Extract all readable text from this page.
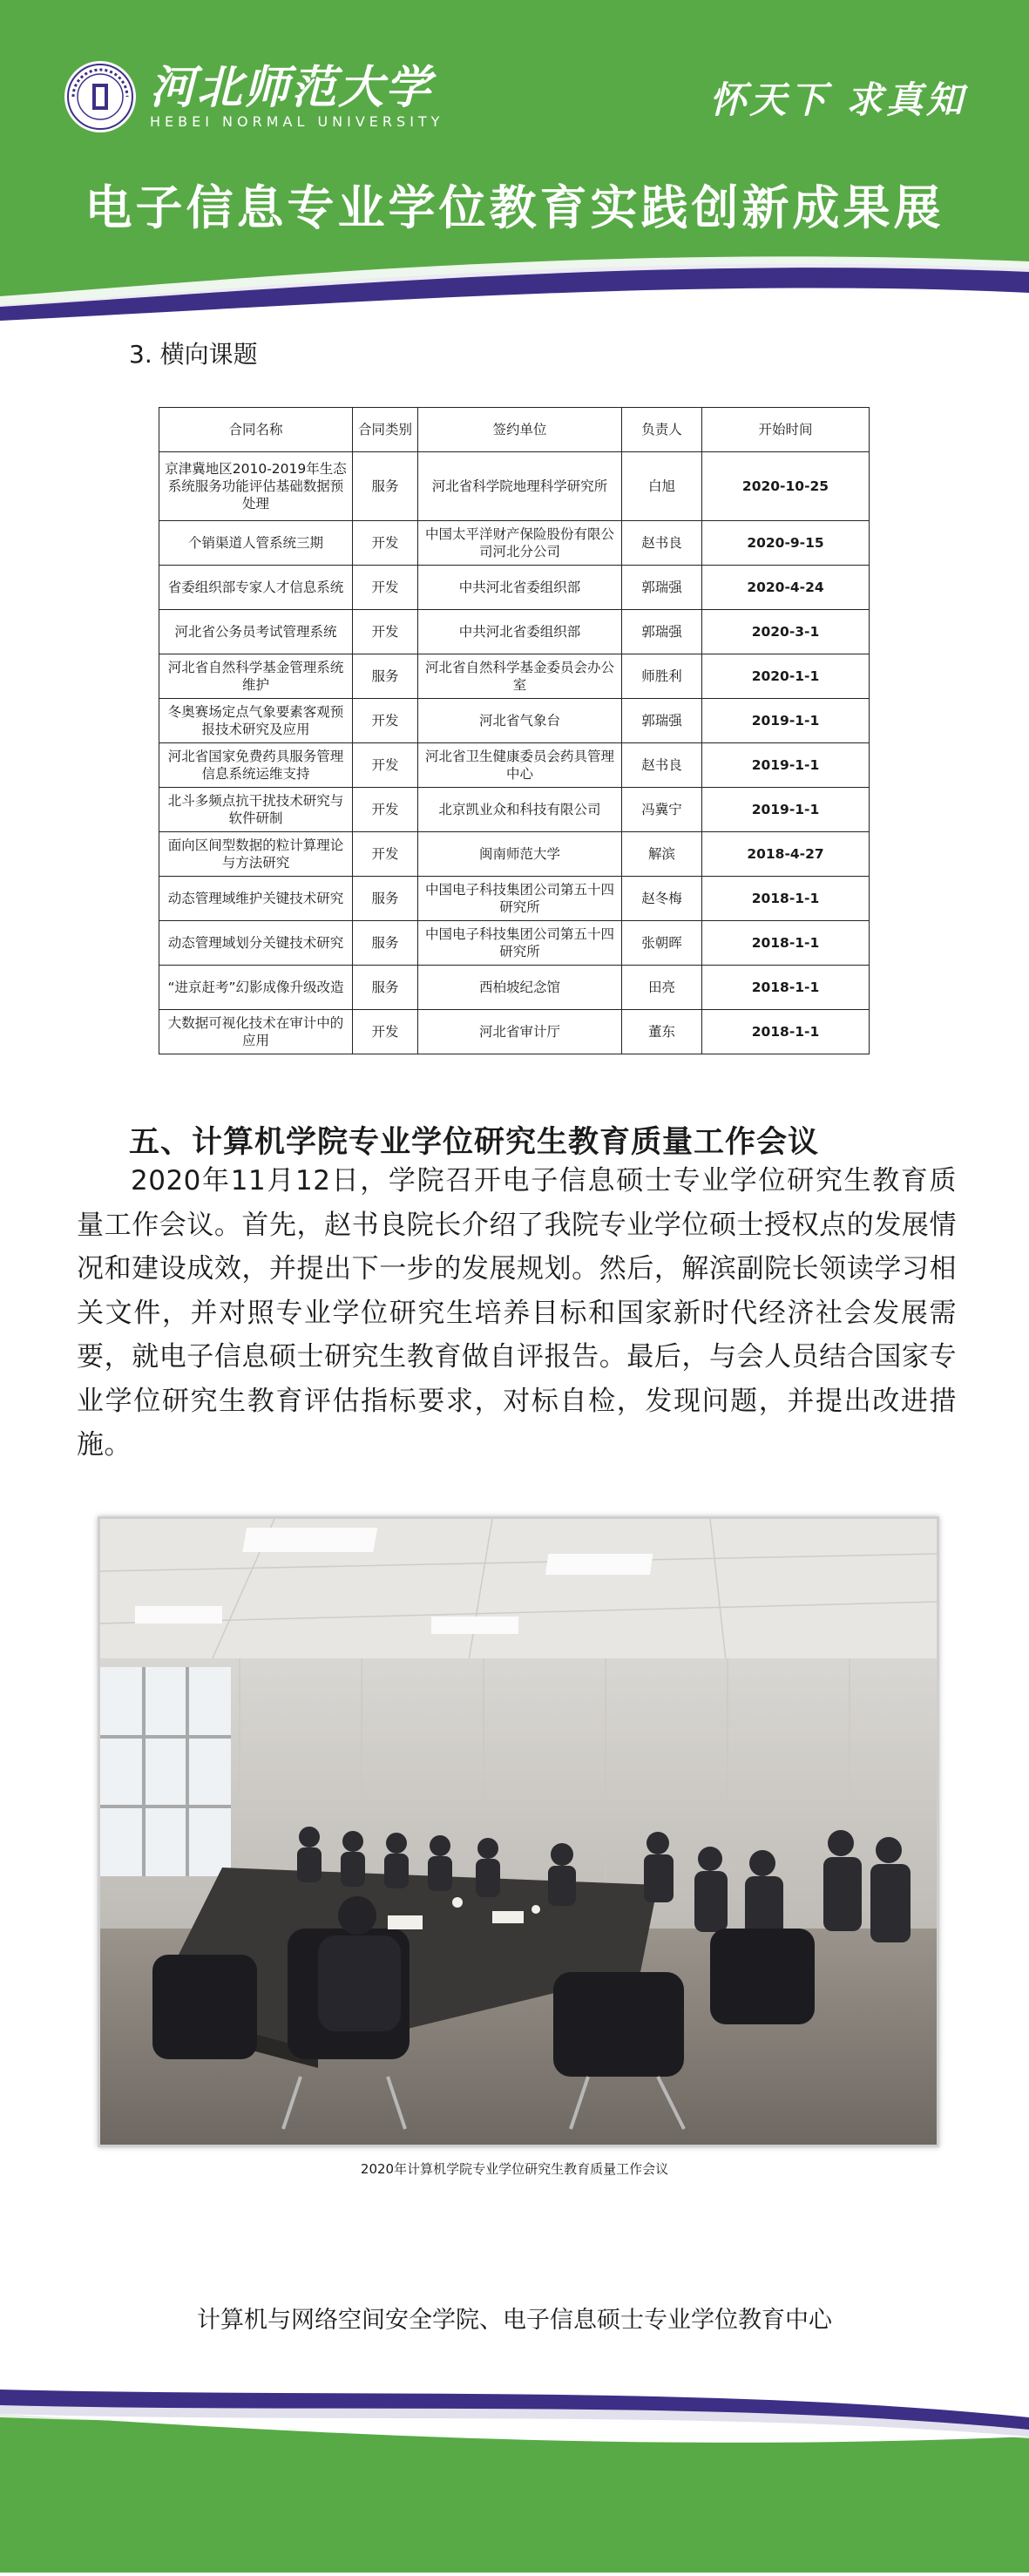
河北师范大学
HEBEI NORMAL UNIVERSITY
怀天下 求真知
电子信息专业学位教育实践创新成果展
3. 横向课题
合同名称	合同类别	签约单位	负责人	开始时间
京津冀地区2010-2019年生态系统服务功能评估基础数据预处理	服务	河北省科学院地理科学研究所	白旭	2020-10-25
个销渠道人管系统三期	开发	中国太平洋财产保险股份有限公司河北分公司	赵书良	2020-9-15
省委组织部专家人才信息系统	开发	中共河北省委组织部	郭瑞强	2020-4-24
河北省公务员考试管理系统	开发	中共河北省委组织部	郭瑞强	2020-3-1
河北省自然科学基金管理系统维护	服务	河北省自然科学基金委员会办公室	师胜利	2020-1-1
冬奥赛场定点气象要素客观预报技术研究及应用	开发	河北省气象台	郭瑞强	2019-1-1
河北省国家免费药具服务管理信息系统运维支持	开发	河北省卫生健康委员会药具管理中心	赵书良	2019-1-1
北斗多频点抗干扰技术研究与软件研制	开发	北京凯业众和科技有限公司	冯冀宁	2019-1-1
面向区间型数据的粒计算理论与方法研究	开发	闽南师范大学	解滨	2018-4-27
动态管理域维护关键技术研究	服务	中国电子科技集团公司第五十四研究所	赵冬梅	2018-1-1
动态管理域划分关键技术研究	服务	中国电子科技集团公司第五十四研究所	张朝晖	2018-1-1
“进京赶考”幻影成像升级改造	服务	西柏坡纪念馆	田亮	2018-1-1
大数据可视化技术在审计中的应用	开发	河北省审计厅	董东	2018-1-1
五、计算机学院专业学位研究生教育质量工作会议
2020年11月12日，学院召开电子信息硕士专业学位研究生教育质量工作会议。首先，赵书良院长介绍了我院专业学位硕士授权点的发展情况和建设成效，并提出下一步的发展规划。然后，解滨副院长领读学习相关文件，并对照专业学位研究生培养目标和国家新时代经济社会发展需要，就电子信息硕士研究生教育做自评报告。最后，与会人员结合国家专业学位研究生教育评估指标要求，对标自检，发现问题，并提出改进措施。
2020年计算机学院专业学位研究生教育质量工作会议
计算机与网络空间安全学院、电子信息硕士专业学位教育中心
